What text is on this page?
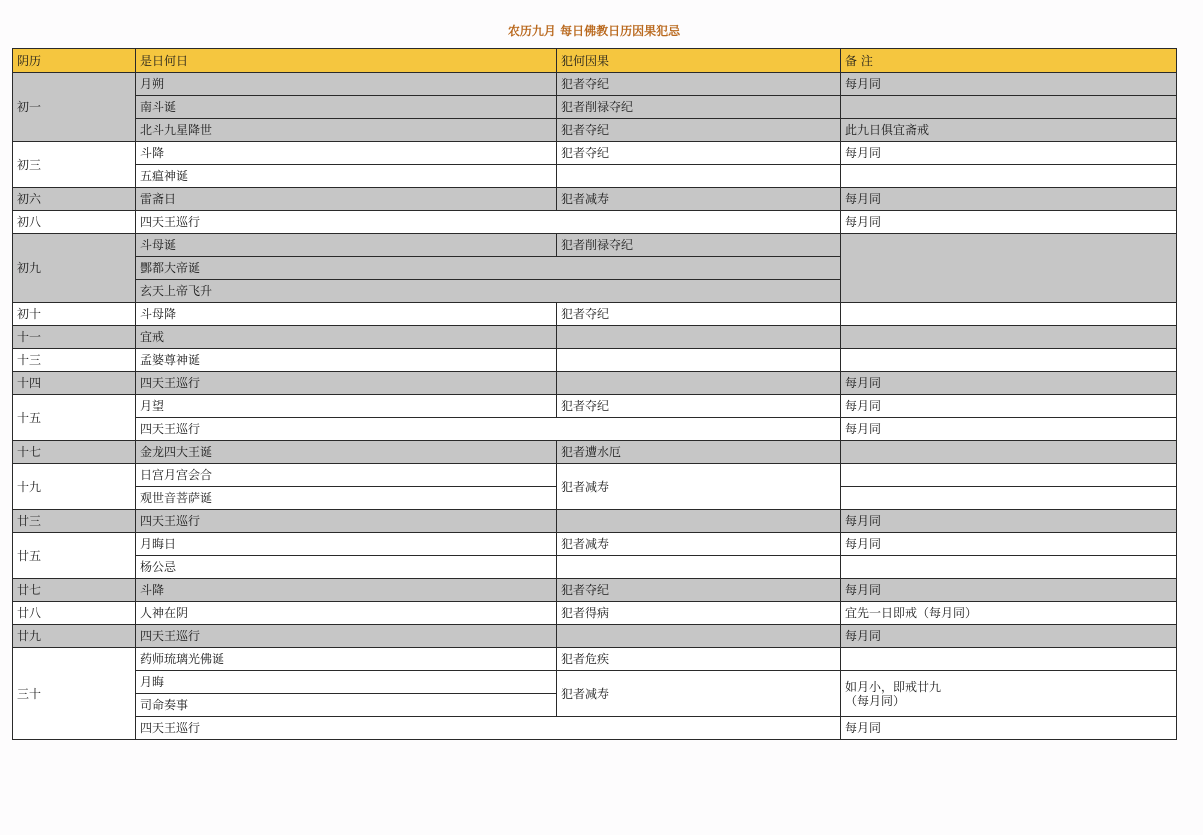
农历九月 每日佛教日历因果犯忌
阴历	是日何日	犯何因果	备 注
初一	月朔	犯者夺纪	每月同
	南斗诞	犯者削禄夺纪	
	北斗九星降世	犯者夺纪	此九日俱宜斋戒
初三	斗降	犯者夺纪	每月同
	五瘟神诞		
初六	雷斋日	犯者减寿	每月同
初八	四天王巡行		每月同
初九	斗母诞	犯者削禄夺纪	
	酆都大帝诞		
	玄天上帝飞升		
初十	斗母降	犯者夺纪	
十一	宜戒		
十三	孟婆尊神诞		
十四	四天王巡行		每月同
十五	月望	犯者夺纪	每月同
	四天王巡行		每月同
十七	金龙四大王诞	犯者遭水厄	
十九	日宫月宫会合	犯者减寿	
	观世音菩萨诞		
廿三	四天王巡行		每月同
廿五	月晦日	犯者减寿	每月同
	杨公忌		
廿七	斗降	犯者夺纪	每月同
廿八	人神在阴	犯者得病	宜先一日即戒（每月同）
廿九	四天王巡行		每月同
三十	药师琉璃光佛诞	犯者危疾	
	月晦	犯者减寿	如月小，即戒廿九
（每月同）

	司命奏事		
	四天王巡行		每月同
